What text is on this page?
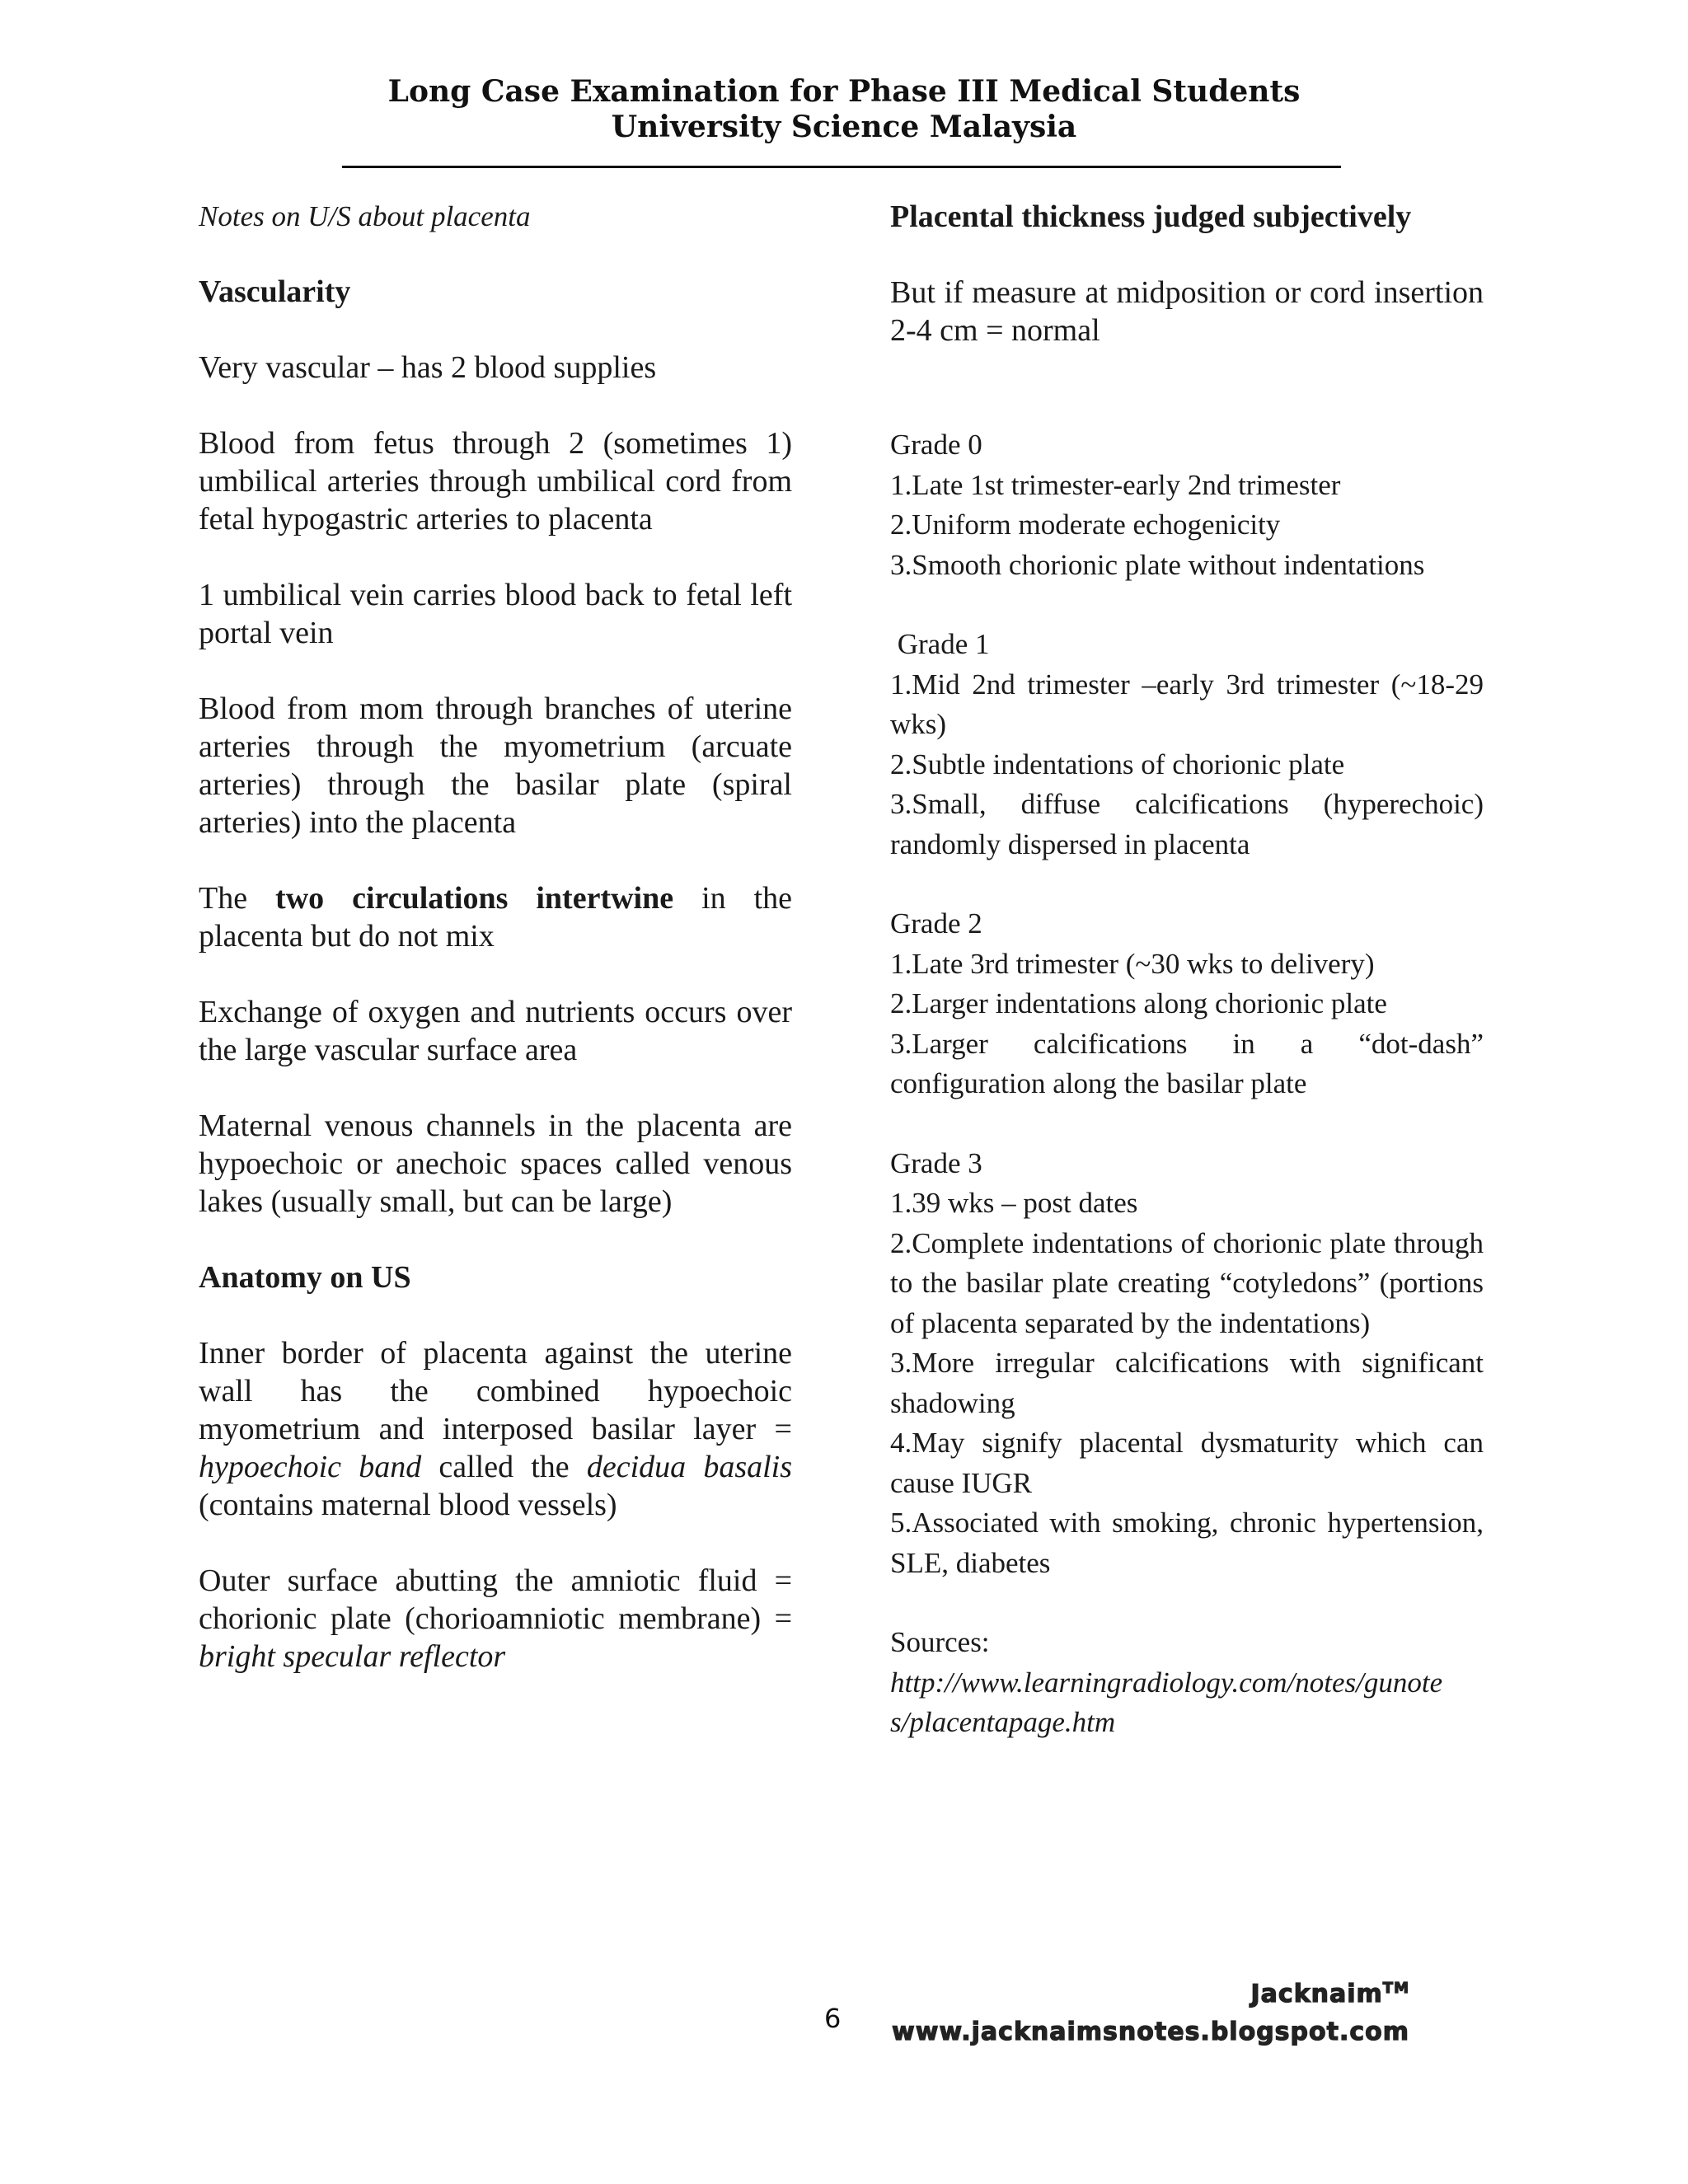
Long Case Examination for Phase III Medical Students
University Science Malaysia

Notes on U/S about placenta

Vascularity

Very vascular – has 2 blood supplies

Blood from fetus through 2 (sometimes 1) umbilical arteries through umbilical cord from fetal hypogastric arteries to placenta

1 umbilical vein carries blood back to fetal left portal vein

Blood from mom through branches of uterine arteries through the myometrium (arcuate arteries) through the basilar plate (spiral arteries) into the placenta

The two circulations intertwine in the placenta but do not mix

Exchange of oxygen and nutrients occurs over the large vascular surface area

Maternal venous channels in the placenta are hypoechoic or anechoic spaces called venous lakes (usually small, but can be large)

Anatomy on US

Inner border of placenta against the uterine wall has the combined hypoechoic myometrium and interposed basilar layer = hypoechoic band called the decidua basalis (contains maternal blood vessels)

Outer surface abutting the amniotic fluid = chorionic plate (chorioamniotic membrane) = bright specular reflector

Placental thickness judged subjectively

But if measure at midposition or cord insertion 2-4 cm = normal

Grade 0

1.Late 1st trimester-early 2nd trimester

2.Uniform moderate echogenicity

3.Smooth chorionic plate without indentations

Grade 1

1.Mid 2nd trimester –early 3rd trimester (~18-29 wks)

2.Subtle indentations of chorionic plate

3.Small, diffuse calcifications (hyperechoic) randomly dispersed in placenta

Grade 2

1.Late 3rd trimester (~30 wks to delivery)

2.Larger indentations along chorionic plate

3.Larger calcifications in a “dot-dash” configuration along the basilar plate

Grade 3

1.39 wks – post dates

2.Complete indentations of chorionic plate through to the basilar plate creating “cotyledons” (portions of placenta separated by the indentations)

3.More irregular calcifications with significant shadowing

4.May signify placental dysmaturity which can cause IUGR

5.Associated with smoking, chronic hypertension, SLE, diabetes

Sources:

http://www.learningradiology.com/notes/gunote

s/placentapage.htm

6
Jacknaim™
www.jacknaimsnotes.blogspot.com
